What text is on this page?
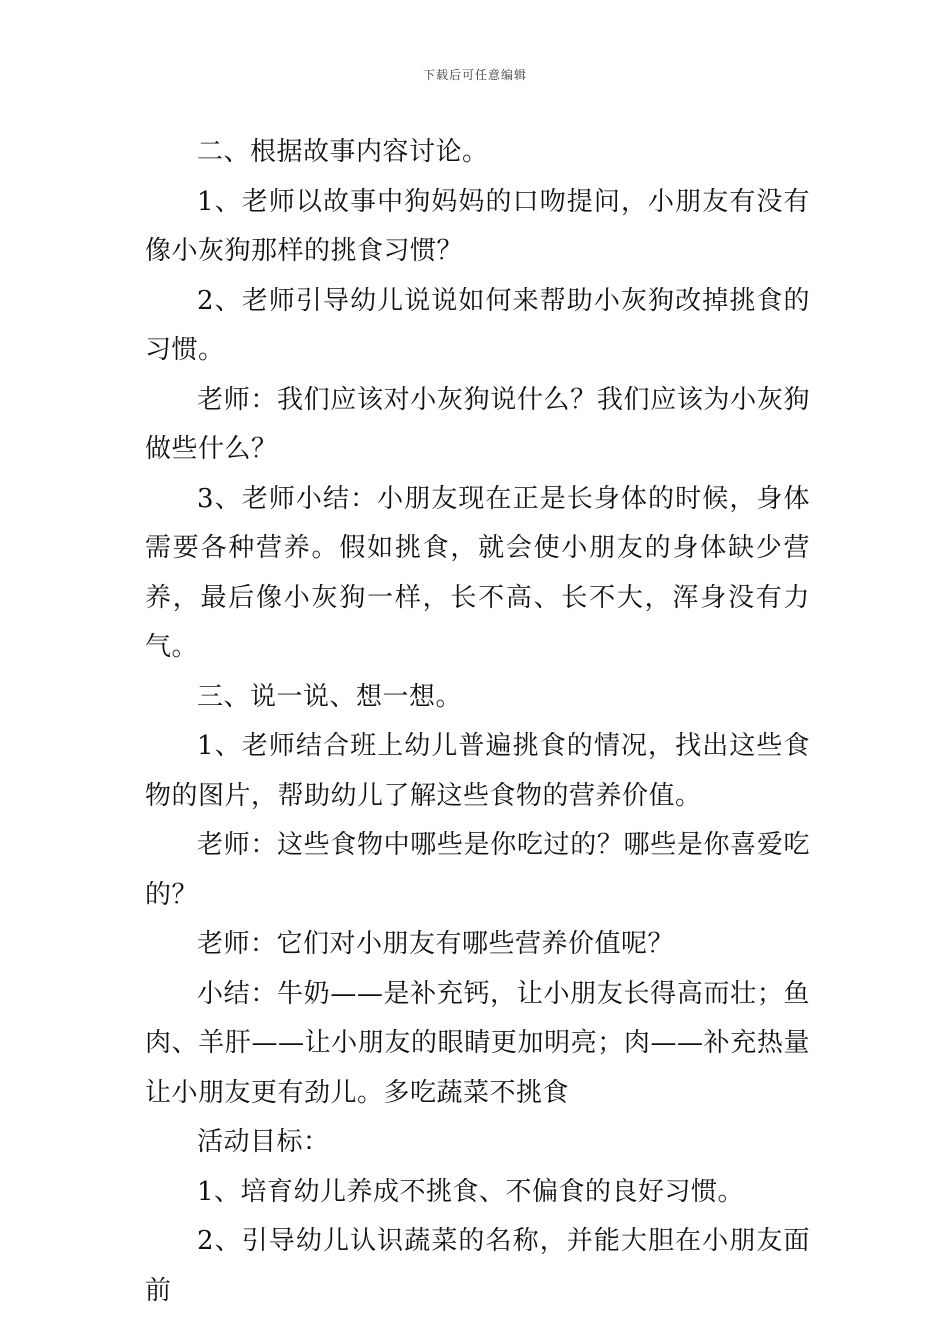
下载后可任意编辑

二、根据故事内容讨论。

1、老师以故事中狗妈妈的口吻提问，小朋友有没有像小灰狗那样的挑食习惯？

2、老师引导幼儿说说如何来帮助小灰狗改掉挑食的习惯。

老师：我们应该对小灰狗说什么？我们应该为小灰狗做些什么？

3、老师小结：小朋友现在正是长身体的时候，身体需要各种营养。假如挑食，就会使小朋友的身体缺少营养，最后像小灰狗一样，长不高、长不大，浑身没有力气。

三、说一说、想一想。

1、老师结合班上幼儿普遍挑食的情况，找出这些食物的图片，帮助幼儿了解这些食物的营养价值。

老师：这些食物中哪些是你吃过的？哪些是你喜爱吃的？

老师：它们对小朋友有哪些营养价值呢？

小结：牛奶——是补充钙，让小朋友长得高而壮；鱼肉、羊肝——让小朋友的眼睛更加明亮；肉——补充热量让小朋友更有劲儿。多吃蔬菜不挑食

活动目标：

1、培育幼儿养成不挑食、不偏食的良好习惯。

2、引导幼儿认识蔬菜的名称，并能大胆在小朋友面前
